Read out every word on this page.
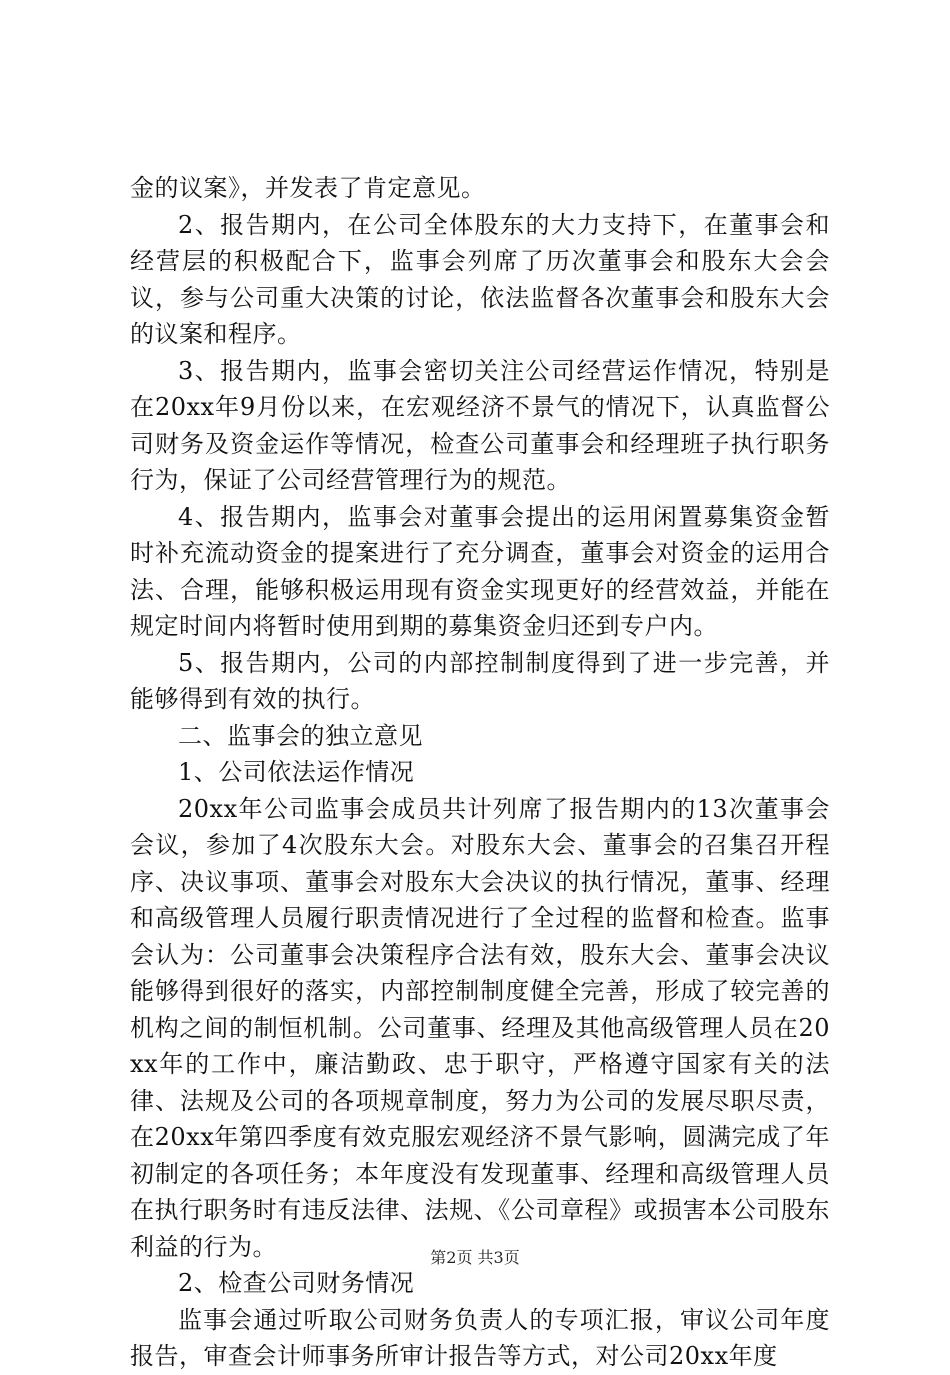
金的议案》，并发表了肯定意见。

2、报告期内，在公司全体股东的大力支持下，在董事会和经营层的积极配合下，监事会列席了历次董事会和股东大会会议，参与公司重大决策的讨论，依法监督各次董事会和股东大会的议案和程序。

3、报告期内，监事会密切关注公司经营运作情况，特别是在20xx年9月份以来，在宏观经济不景气的情况下，认真监督公司财务及资金运作等情况，检查公司董事会和经理班子执行职务行为，保证了公司经营管理行为的规范。

4、报告期内，监事会对董事会提出的运用闲置募集资金暂时补充流动资金的提案进行了充分调查，董事会对资金的运用合法、合理，能够积极运用现有资金实现更好的经营效益，并能在规定时间内将暂时使用到期的募集资金归还到专户内。

5、报告期内，公司的内部控制制度得到了进一步完善，并能够得到有效的执行。

二、监事会的独立意见

1、公司依法运作情况

20xx年公司监事会成员共计列席了报告期内的13次董事会会议，参加了4次股东大会。对股东大会、董事会的召集召开程序、决议事项、董事会对股东大会决议的执行情况，董事、经理和高级管理人员履行职责情况进行了全过程的监督和检查。监事会认为：公司董事会决策程序合法有效，股东大会、董事会决议能够得到很好的落实，内部控制制度健全完善，形成了较完善的机构之间的制恒机制。公司董事、经理及其他高级管理人员在20xx年的工作中，廉洁勤政、忠于职守，严格遵守国家有关的法律、法规及公司的各项规章制度，努力为公司的发展尽职尽责，在20xx年第四季度有效克服宏观经济不景气影响，圆满完成了年初制定的各项任务；本年度没有发现董事、经理和高级管理人员在执行职务时有违反法律、法规、《公司章程》或损害本公司股东利益的行为。

2、检查公司财务情况

监事会通过听取公司财务负责人的专项汇报，审议公司年度报告，审查会计师事务所审计报告等方式，对公司20xx年度

第2页 共3页
